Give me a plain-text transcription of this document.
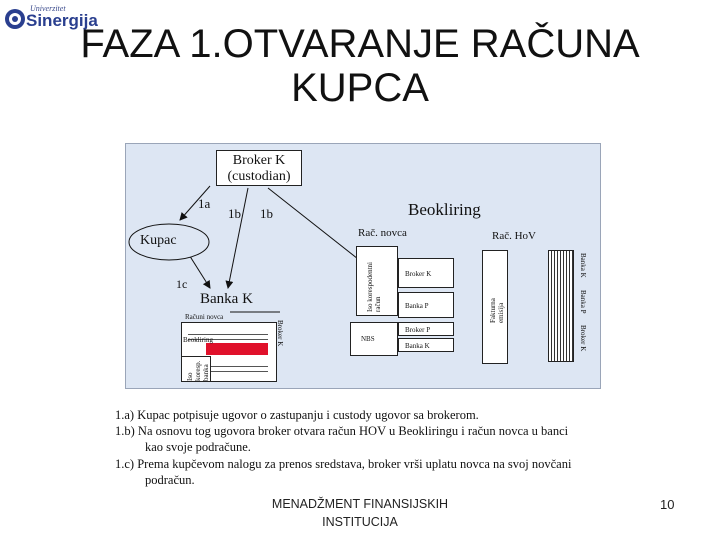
Univerzitet
Sinergija
FAZA 1.OTVARANJE RAČUNA
KUPCA
Broker K
(custodian)
Kupac
1a
1b 1b
1c
Beokliring
Rač. novca	Rač. HoV
Banka K
Računi novca
Beokliring
Iso koresp. banka
Broker K
Iso korespodentni račun
Broker K
Banka P
NBS
Broker P
Banka K
Fakturna emisija
Banka K
Banka P
Broker K

1.a) Kupac potpisuje ugovor o zastupanju i custody ugovor sa brokerom.

1.b) Na osnovu tog ugovora broker otvara račun HOV u Beokliringu i račun novca u banci kao svoje podračune.

1.c) Prema kupčevom nalogu za prenos sredstava, broker vrši uplatu novca na svoj novčani podračun.

MENADŽMENT FINANSIJSKIH
INSTITUCIJA
10
